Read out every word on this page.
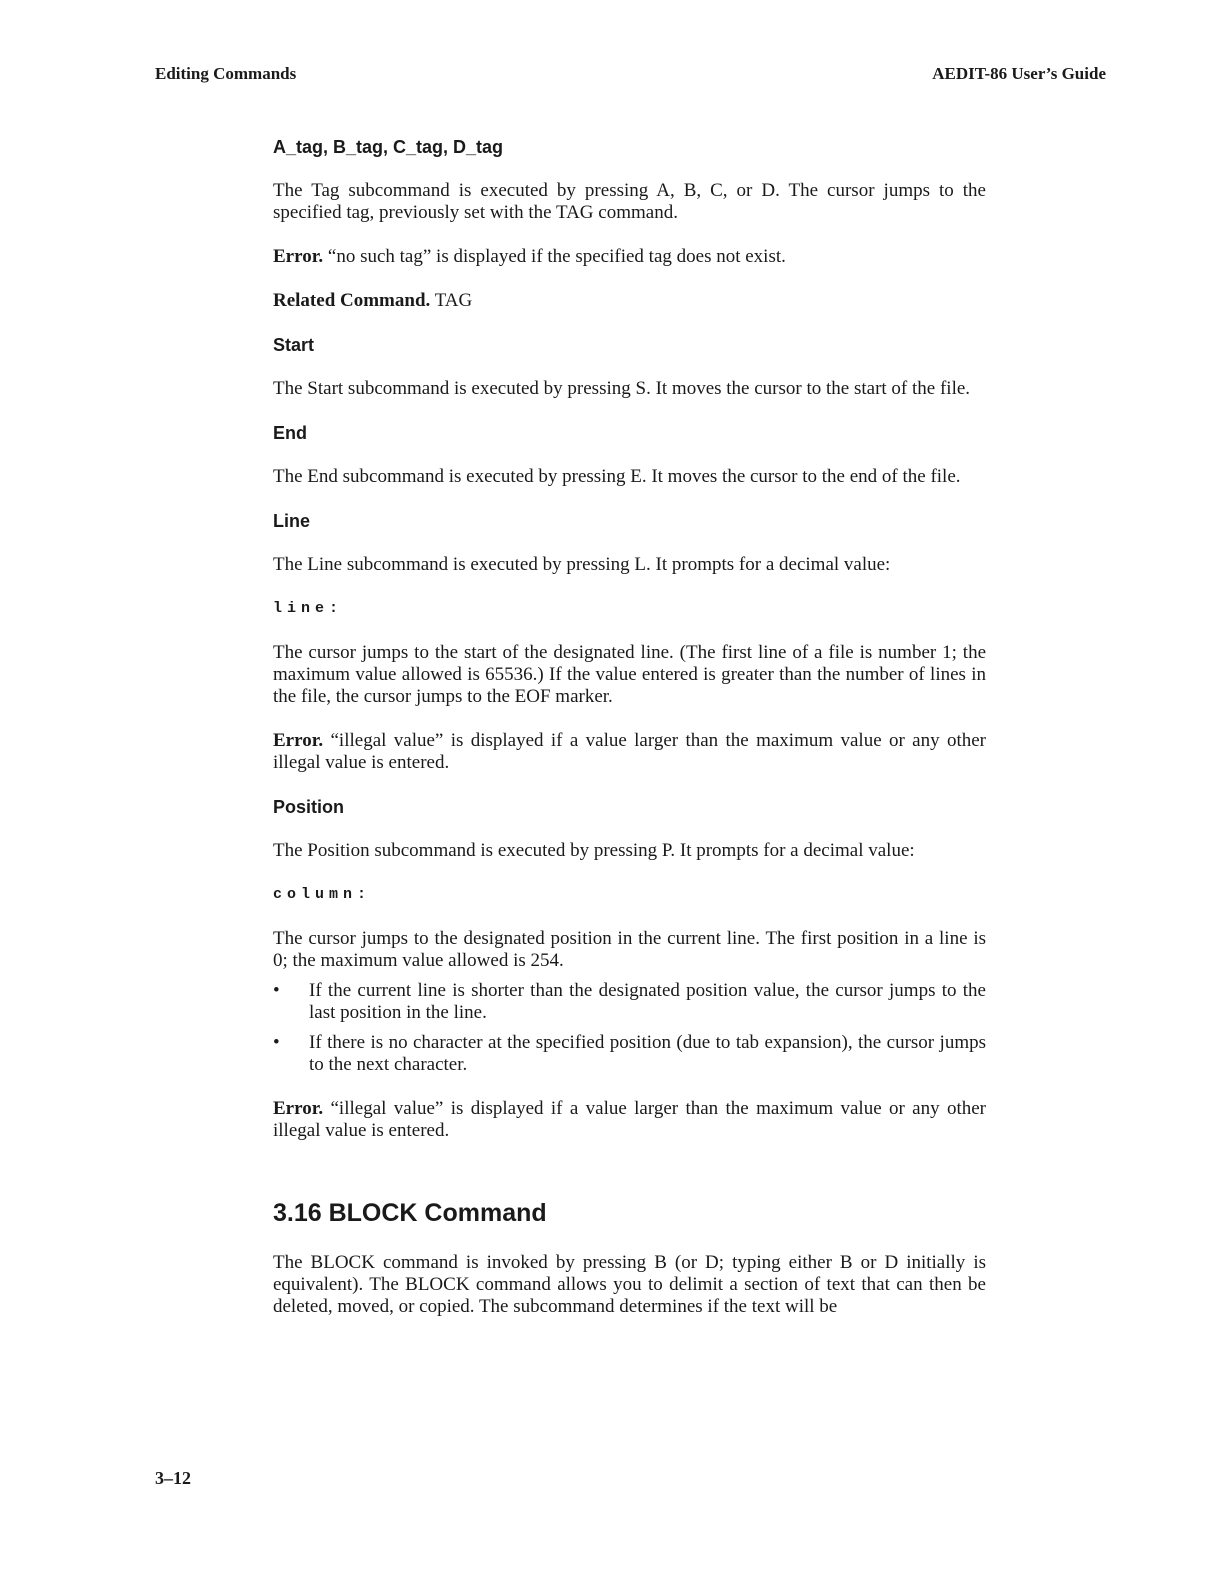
Editing Commands	AEDIT-86 User’s Guide
A_tag, B_tag, C_tag, D_tag

The Tag subcommand is executed by pressing A, B, C, or D. The cursor jumps to the specified tag, previously set with the TAG command.

Error. “no such tag” is displayed if the specified tag does not exist.

Related Command. TAG

Start

The Start subcommand is executed by pressing S. It moves the cursor to the start of the file.

End

The End subcommand is executed by pressing E. It moves the cursor to the end of the file.

Line

The Line subcommand is executed by pressing L. It prompts for a decimal value:

line:

The cursor jumps to the start of the designated line. (The first line of a file is number 1; the maximum value allowed is 65536.) If the value entered is greater than the number of lines in the file, the cursor jumps to the EOF marker.

Error. “illegal value” is displayed if a value larger than the maximum value or any other illegal value is entered.

Position

The Position subcommand is executed by pressing P. It prompts for a decimal value:

column:

The cursor jumps to the designated position in the current line. The first position in a line is 0; the maximum value allowed is 254.

• If the current line is shorter than the designated position value, the cursor jumps to the last position in the line.
• If there is no character at the specified position (due to tab expansion), the cursor jumps to the next character.

Error. “illegal value” is displayed if a value larger than the maximum value or any other illegal value is entered.

3.16 BLOCK Command

The BLOCK command is invoked by pressing B (or D; typing either B or D initially is equivalent). The BLOCK command allows you to delimit a section of text that can then be deleted, moved, or copied. The subcommand determines if the text will be

3–12
